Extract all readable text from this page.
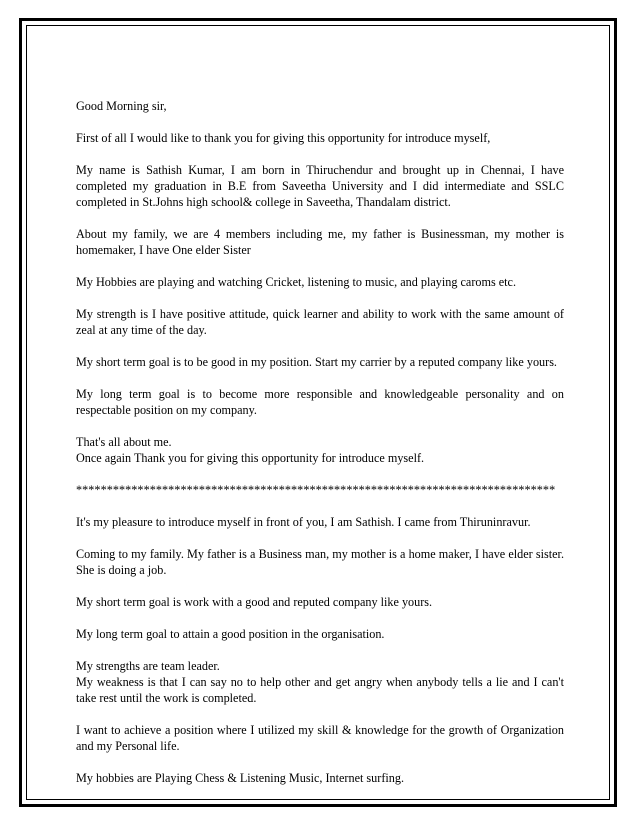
Good Morning sir,

First of all I would like to thank you for giving this opportunity for introduce myself,

My name is Sathish Kumar, I am born in Thiruchendur and brought up in Chennai, I have completed my graduation in B.E from Saveetha University and I did intermediate and SSLC completed in St.Johns high school& college in Saveetha, Thandalam district.

About my family, we are 4 members including me, my father is Businessman, my mother is homemaker, I have One elder Sister

My Hobbies are playing and watching Cricket, listening to music, and playing caroms etc.

My strength is I have positive attitude, quick learner and ability to work with the same amount of zeal at any time of the day.

My short term goal is to be good in my position. Start my carrier by a reputed company like yours.

My long term goal is to become more responsible and knowledgeable personality and on respectable position on my company.

That's all about me.

Once again Thank you for giving this opportunity for introduce myself.

******************************************************************************

It's my pleasure to introduce myself in front of you, I am Sathish. I came from Thiruninravur.

Coming to my family. My father is a Business man, my mother is a home maker, I have elder sister. She is doing a job.

My short term goal is work with a good and reputed company like yours.

My long term goal to attain a good position in the organisation.

My strengths are team leader.

My weakness is that I can say no to help other and get angry when anybody tells a lie and I can't take rest until the work is completed.

I want to achieve a position where I utilized my skill & knowledge for the growth of Organization and my Personal life.

My hobbies are Playing Chess & Listening Music, Internet surfing.
